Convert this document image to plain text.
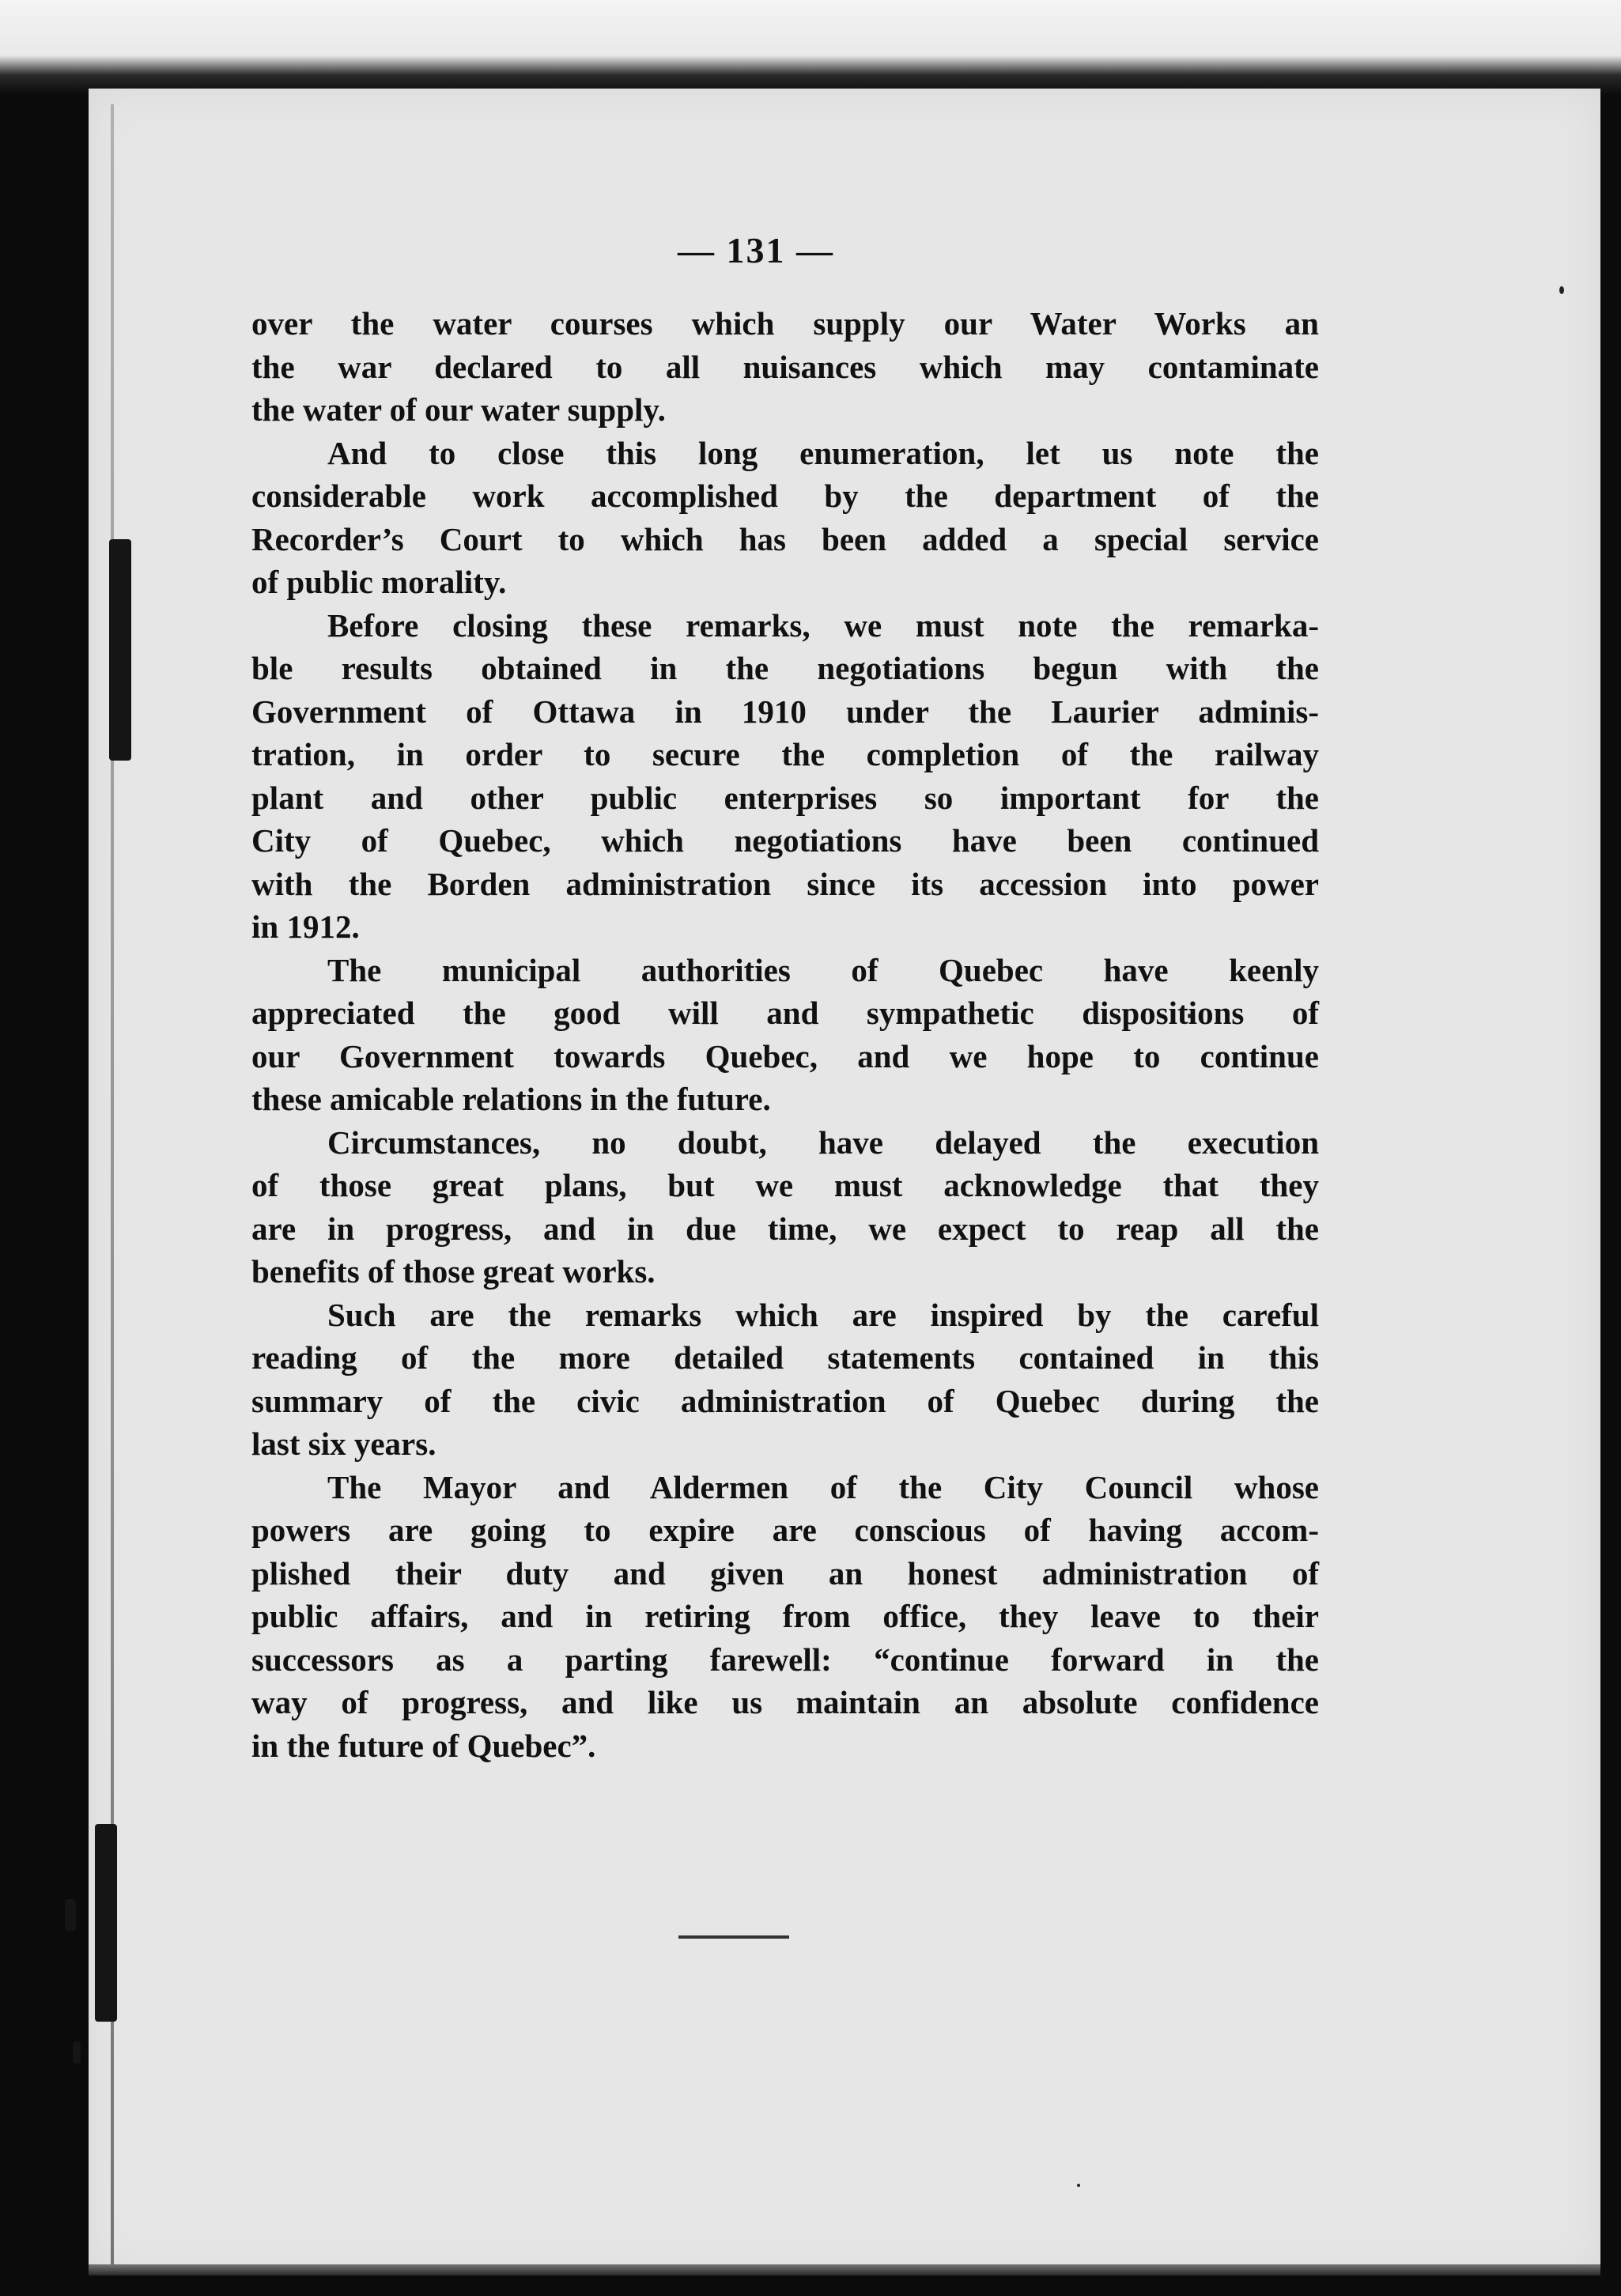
— 131 —
over the water courses which supply our Water Works an
the war declared to all nuisances which may contaminate
the water of our water supply.
And to close this long enumeration, let us note the
considerable work accomplished by the department of the
Recorder’s Court to which has been added a special service
of public morality.
Before closing these remarks, we must note the remarka-
ble results obtained in the negotiations begun with the
Government of Ottawa in 1910 under the Laurier adminis-
tration, in order to secure the completion of the railway
plant and other public enterprises so important for the
City of Quebec, which negotiations have been continued
with the Borden administration since its accession into power
in 1912.
The municipal authorities of Quebec have keenly
appreciated the good will and sympathetic dispositions of
our Government towards Quebec, and we hope to continue
these amicable relations in the future.
Circumstances, no doubt, have delayed the execution
of those great plans, but we must acknowledge that they
are in progress, and in due time, we expect to reap all the
benefits of those great works.
Such are the remarks which are inspired by the careful
reading of the more detailed statements contained in this
summary of the civic administration of Quebec during the
last six years.
The Mayor and Aldermen of the City Council whose
powers are going to expire are conscious of having accom-
plished their duty and given an honest administration of
public affairs, and in retiring from office, they leave to their
successors as a parting farewell: “continue forward in the
way of progress, and like us maintain an absolute confidence
in the future of Quebec”.
